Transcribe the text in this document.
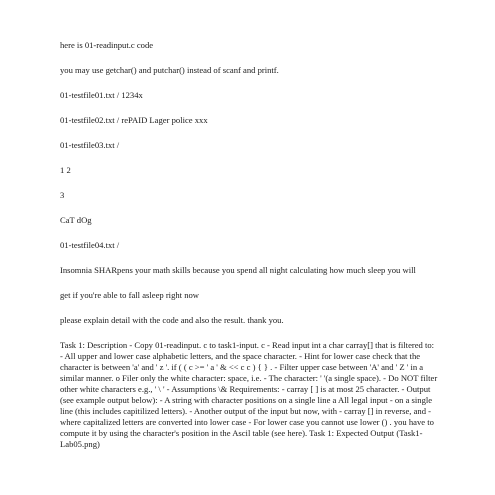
here is 01-readinput.c code

you may use getchar() and putchar() instead of scanf and printf.

01-testfile01.txt / 1234x

01-testfile02.txt / rePAID Lager police xxx

01-testfile03.txt /

1 2

3

CaT dOg

01-testfile04.txt /

Insomnia SHARpens your math skills because you spend all night calculating how much sleep you will

get if you're able to fall asleep right now

please explain detail with the code and also the result. thank you.

Task 1: Description - Copy 01-readinput. c to task1-input. c - Read input int a char carray[] that is filtered to: - All upper and lower case alphabetic letters, and the space character. - Hint for lower case check that the character is between 'a' and ' z '. if ( ( c >= ' a ' & << c c ) { } . - Filter upper case between 'A' and ' Z ' in a similar manner. o Filer only the white character: space, i.e. - The character: ' '(a single space). - Do NOT filter other white characters e.g., ' \ ' - Assumptions \& Requirements: - carray [ ] is at most 25 character. - Output (see example output below): - A string with character positions on a single line a All legal input - on a single line (this includes capitilized letters). - Another output of the input but now, with - carray [] in reverse, and - where capitalized letters are converted into lower case - For lower case you cannot use lower () . you have to compute it by using the character's position in the Ascil table (see here). Task 1: Expected Output (Task1-Lab05.png)
